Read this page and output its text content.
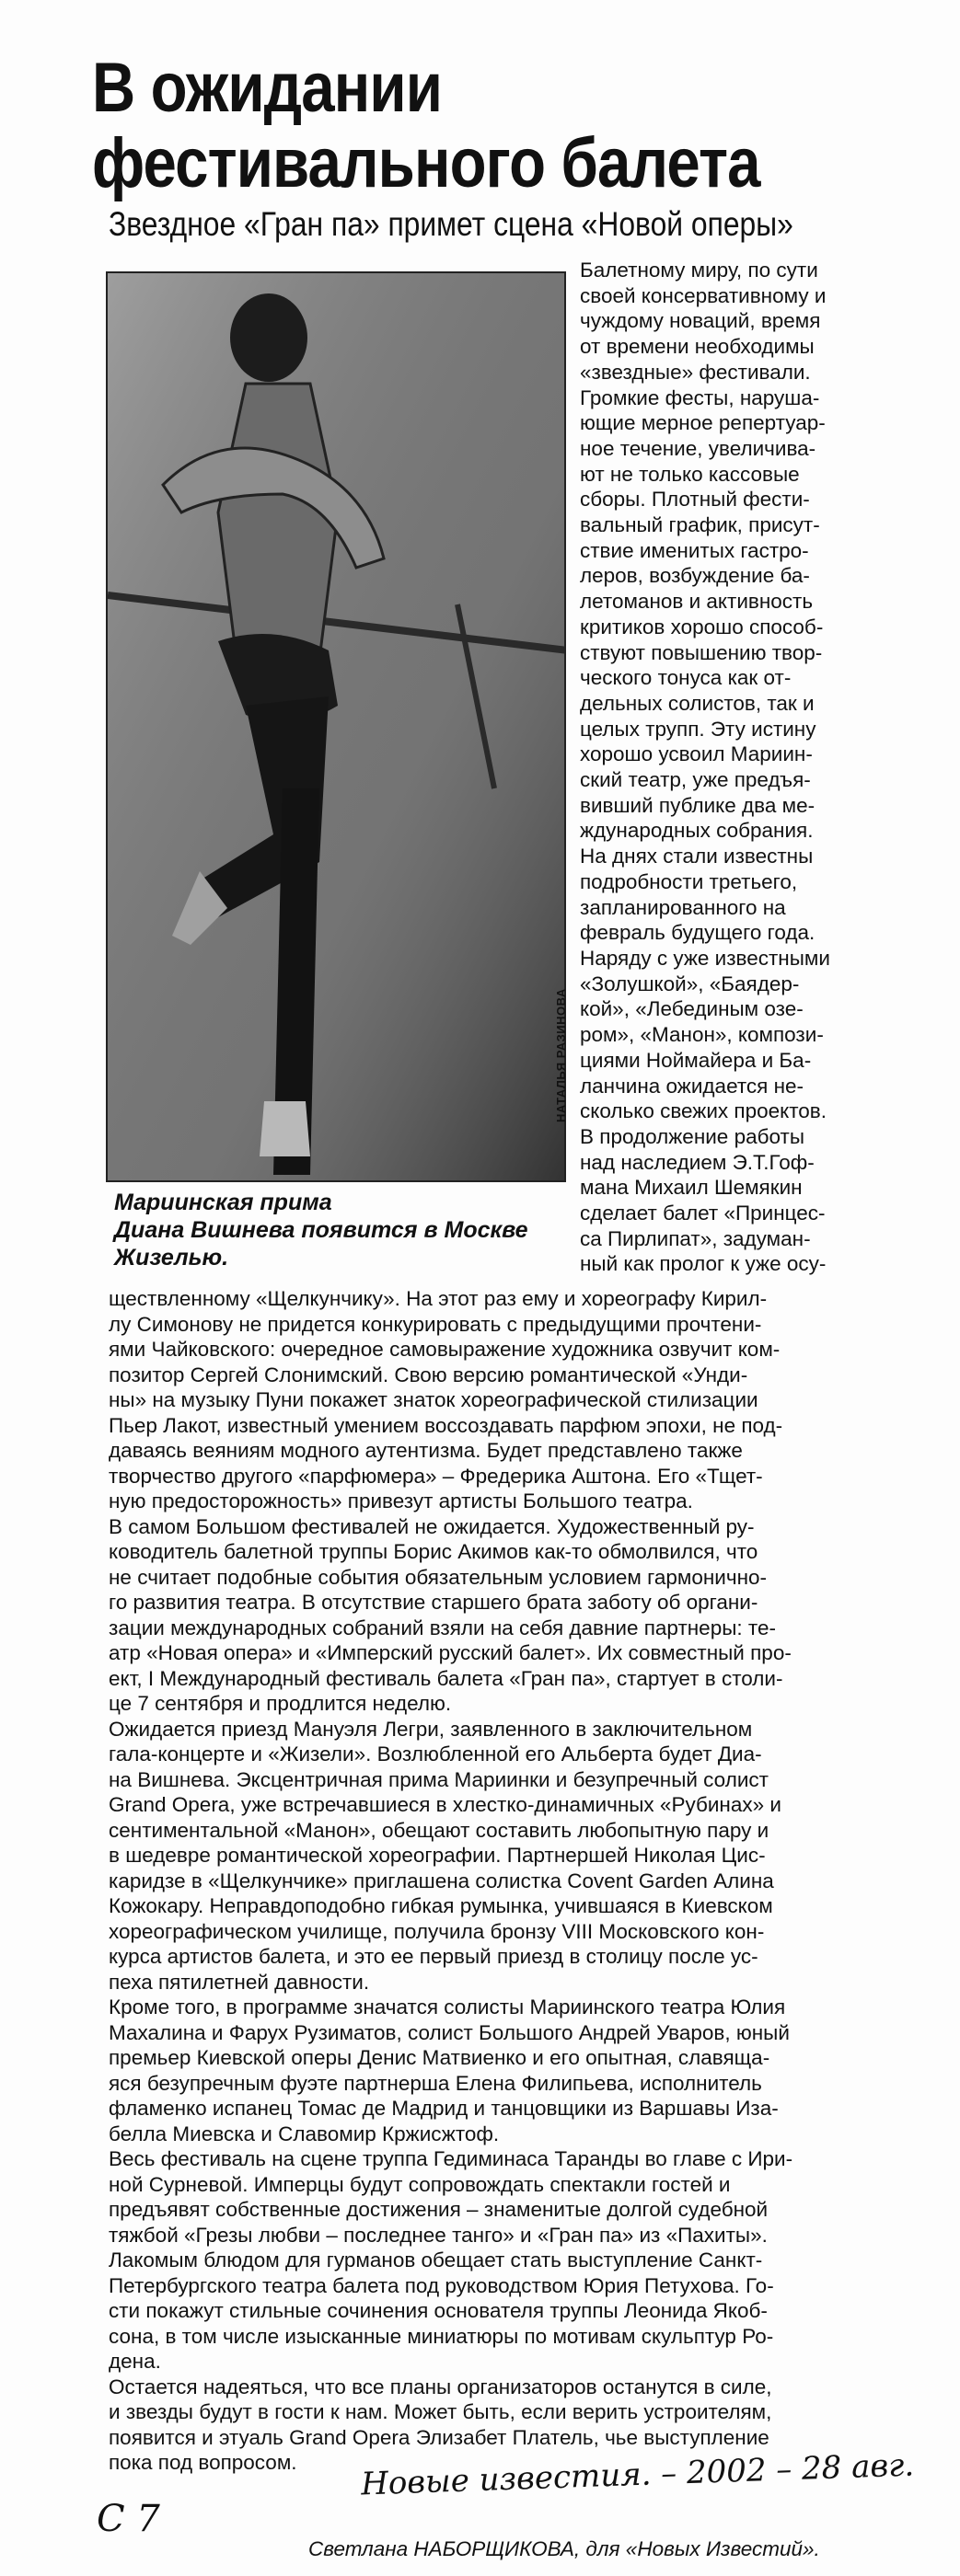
В ожидании
фестивального балета

Звездное «Гран па» примет сцена «Новой оперы»

НАТАЛЬЯ РАЗИНОВА
Мариинская прима
Диана Вишнева появится в Москве
Жизелью.

Балетному миру, по сути
своей консервативному и
чуждому новаций, время
от времени необходимы
«звездные» фестивали.
Громкие фесты, наруша-
ющие мерное репертуар-
ное течение, увеличива-
ют не только кассовые
сборы. Плотный фести-
вальный график, присут-
ствие именитых гастро-
леров, возбуждение ба-
летоманов и активность
критиков хорошо способ-
ствуют повышению твор-
ческого тонуса как от-
дельных солистов, так и
целых трупп. Эту истину
хорошо усвоил Мариин-
ский театр, уже предъя-
вивший публике два ме-
ждународных собрания.
На днях стали известны
подробности третьего,
запланированного на
февраль будущего года.
Наряду с уже известными
«Золушкой», «Баядер-
кой», «Лебединым озе-
ром», «Манон», компози-
циями Ноймайера и Ба-
ланчина ожидается не-
сколько свежих проектов.
В продолжение работы
над наследием Э.Т.Гоф-
мана Михаил Шемякин
сделает балет «Принцес-
са Пирлипат», задуман-
ный как пролог к уже осу-

ществленному «Щелкунчику». На этот раз ему и хореографу Кирил-
лу Симонову не придется конкурировать с предыдущими прочтени-
ями Чайковского: очередное самовыражение художника озвучит ком-
позитор Сергей Слонимский. Свою версию романтической «Унди-
ны» на музыку Пуни покажет знаток хореографической стилизации
Пьер Лакот, известный умением воссоздавать парфюм эпохи, не под-
даваясь веяниям модного аутентизма. Будет представлено также
творчество другого «парфюмера» – Фредерика Аштона. Его «Тщет-
ную предосторожность» привезут артисты Большого театра.
В самом Большом фестивалей не ожидается. Художественный ру-
ководитель балетной труппы Борис Акимов как-то обмолвился, что
не считает подобные события обязательным условием гармонично-
го развития театра. В отсутствие старшего брата заботу об органи-
зации международных собраний взяли на себя давние партнеры: те-
атр «Новая опера» и «Имперский русский балет». Их совместный про-
ект, I Международный фестиваль балета «Гран па», стартует в столи-
це 7 сентября и продлится неделю.
Ожидается приезд Мануэля Легри, заявленного в заключительном
гала-концерте и «Жизели». Возлюбленной его Альберта будет Диа-
на Вишнева. Эксцентричная прима Мариинки и безупречный солист
Grand Opera, уже встречавшиеся в хлестко-динамичных «Рубинах» и
сентиментальной «Манон», обещают составить любопытную пару и
в шедевре романтической хореографии. Партнершей Николая Цис-
каридзе в «Щелкунчике» приглашена солистка Covent Garden Алина
Кожокару. Неправдоподобно гибкая румынка, учившаяся в Киевском
хореографическом училище, получила бронзу VIII Московского кон-
курса артистов балета, и это ее первый приезд в столицу после ус-
пеха пятилетней давности.
Кроме того, в программе значатся солисты Мариинского театра Юлия
Махалина и Фарух Рузиматов, солист Большого Андрей Уваров, юный
премьер Киевской оперы Денис Матвиенко и его опытная, славяща-
яся безупречным фуэте партнерша Елена Филипьева, исполнитель
фламенко испанец Томас де Мадрид и танцовщики из Варшавы Иза-
белла Миевска и Славомир Кржисжтоф.
Весь фестиваль на сцене труппа Гедиминаса Таранды во главе с Ири-
ной Сурневой. Имперцы будут сопровождать спектакли гостей и
предъявят собственные достижения – знаменитые долгой судебной
тяжбой «Грезы любви – последнее танго» и «Гран па» из «Пахиты».
Лакомым блюдом для гурманов обещает стать выступление Санкт-
Петербургского театра балета под руководством Юрия Петухова. Го-
сти покажут стильные сочинения основателя труппы Леонида Якоб-
сона, в том числе изысканные миниатюры по мотивам скульптур Ро-
дена.
Остается надеяться, что все планы организаторов останутся в силе,
и звезды будут в гости к нам. Может быть, если верить устроителям,
появится и этуаль Grand Opera Элизабет Платель, чье выступление
пока под вопросом.	Новые известия. – 2002 – 28 авг.
С 7
Светлана НАБОРЩИКОВА, для «Новых Известий».
